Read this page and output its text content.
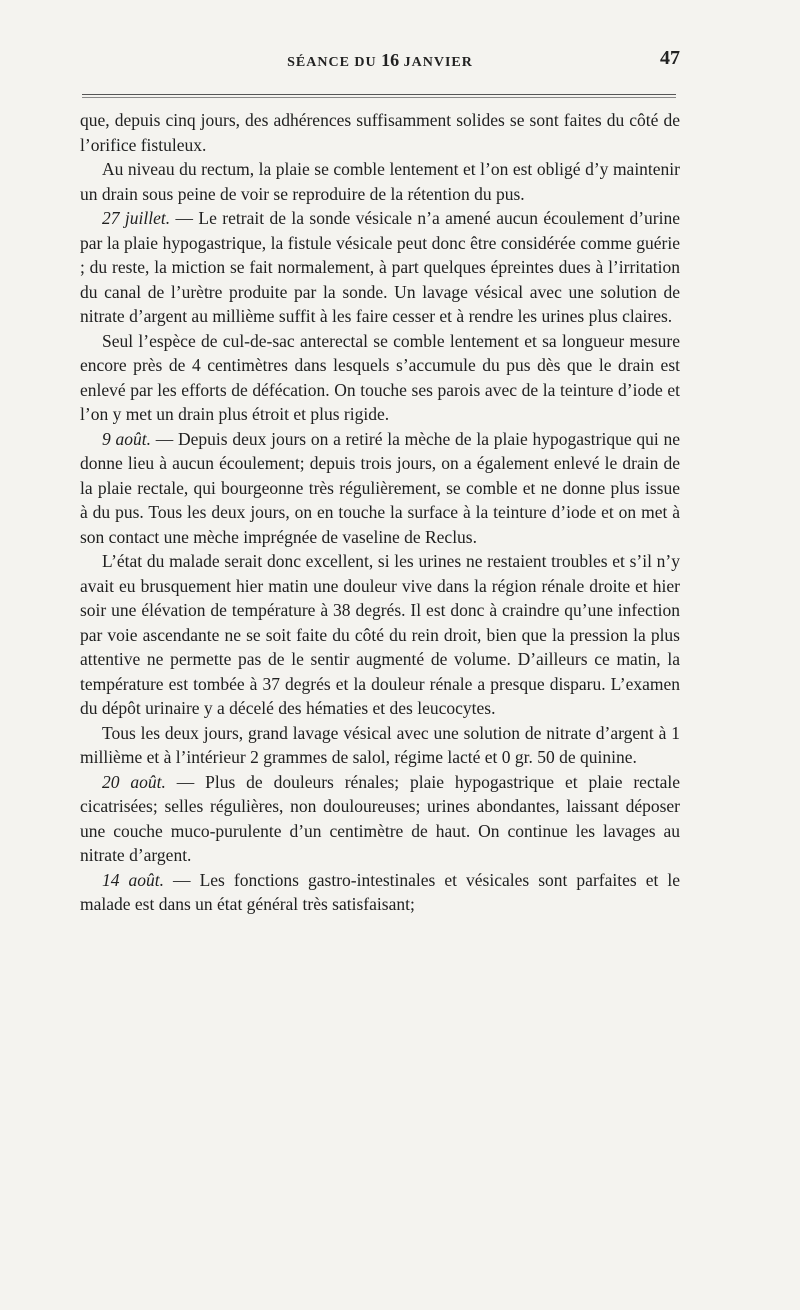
SÉANCE DU 16 JANVIER	47

que, depuis cinq jours, des adhérences suffisamment solides se sont faites du côté de l’orifice fistuleux.

Au niveau du rectum, la plaie se comble lentement et l’on est obligé d’y maintenir un drain sous peine de voir se reproduire de la rétention du pus.

27 juillet. — Le retrait de la sonde vésicale n’a amené aucun écoulement d’urine par la plaie hypogastrique, la fistule vésicale peut donc être considérée comme guérie ; du reste, la miction se fait normalement, à part quelques épreintes dues à l’irritation du canal de l’urètre produite par la sonde. Un lavage vésical avec une solution de nitrate d’argent au millième suffit à les faire cesser et à rendre les urines plus claires.

Seul l’espèce de cul-de-sac anterectal se comble lentement et sa longueur mesure encore près de 4 centimètres dans lesquels s’accumule du pus dès que le drain est enlevé par les efforts de défécation. On touche ses parois avec de la teinture d’iode et l’on y met un drain plus étroit et plus rigide.

9 août. — Depuis deux jours on a retiré la mèche de la plaie hypogastrique qui ne donne lieu à aucun écoulement; depuis trois jours, on a également enlevé le drain de la plaie rectale, qui bourgeonne très régulièrement, se comble et ne donne plus issue à du pus. Tous les deux jours, on en touche la surface à la teinture d’iode et on met à son contact une mèche imprégnée de vaseline de Reclus.

L’état du malade serait donc excellent, si les urines ne restaient troubles et s’il n’y avait eu brusquement hier matin une douleur vive dans la région rénale droite et hier soir une élévation de température à 38 degrés. Il est donc à craindre qu’une infection par voie ascendante ne se soit faite du côté du rein droit, bien que la pression la plus attentive ne permette pas de le sentir augmenté de volume. D’ailleurs ce matin, la température est tombée à 37 degrés et la douleur rénale a presque disparu. L’examen du dépôt urinaire y a décelé des hématies et des leucocytes.

Tous les deux jours, grand lavage vésical avec une solution de nitrate d’argent à 1 millième et à l’intérieur 2 grammes de salol, régime lacté et 0 gr. 50 de quinine.

20 août. — Plus de douleurs rénales; plaie hypogastrique et plaie rectale cicatrisées; selles régulières, non douloureuses; urines abondantes, laissant déposer une couche muco-purulente d’un centimètre de haut. On continue les lavages au nitrate d’argent.

14 août. — Les fonctions gastro-intestinales et vésicales sont parfaites et le malade est dans un état général très satisfaisant;
